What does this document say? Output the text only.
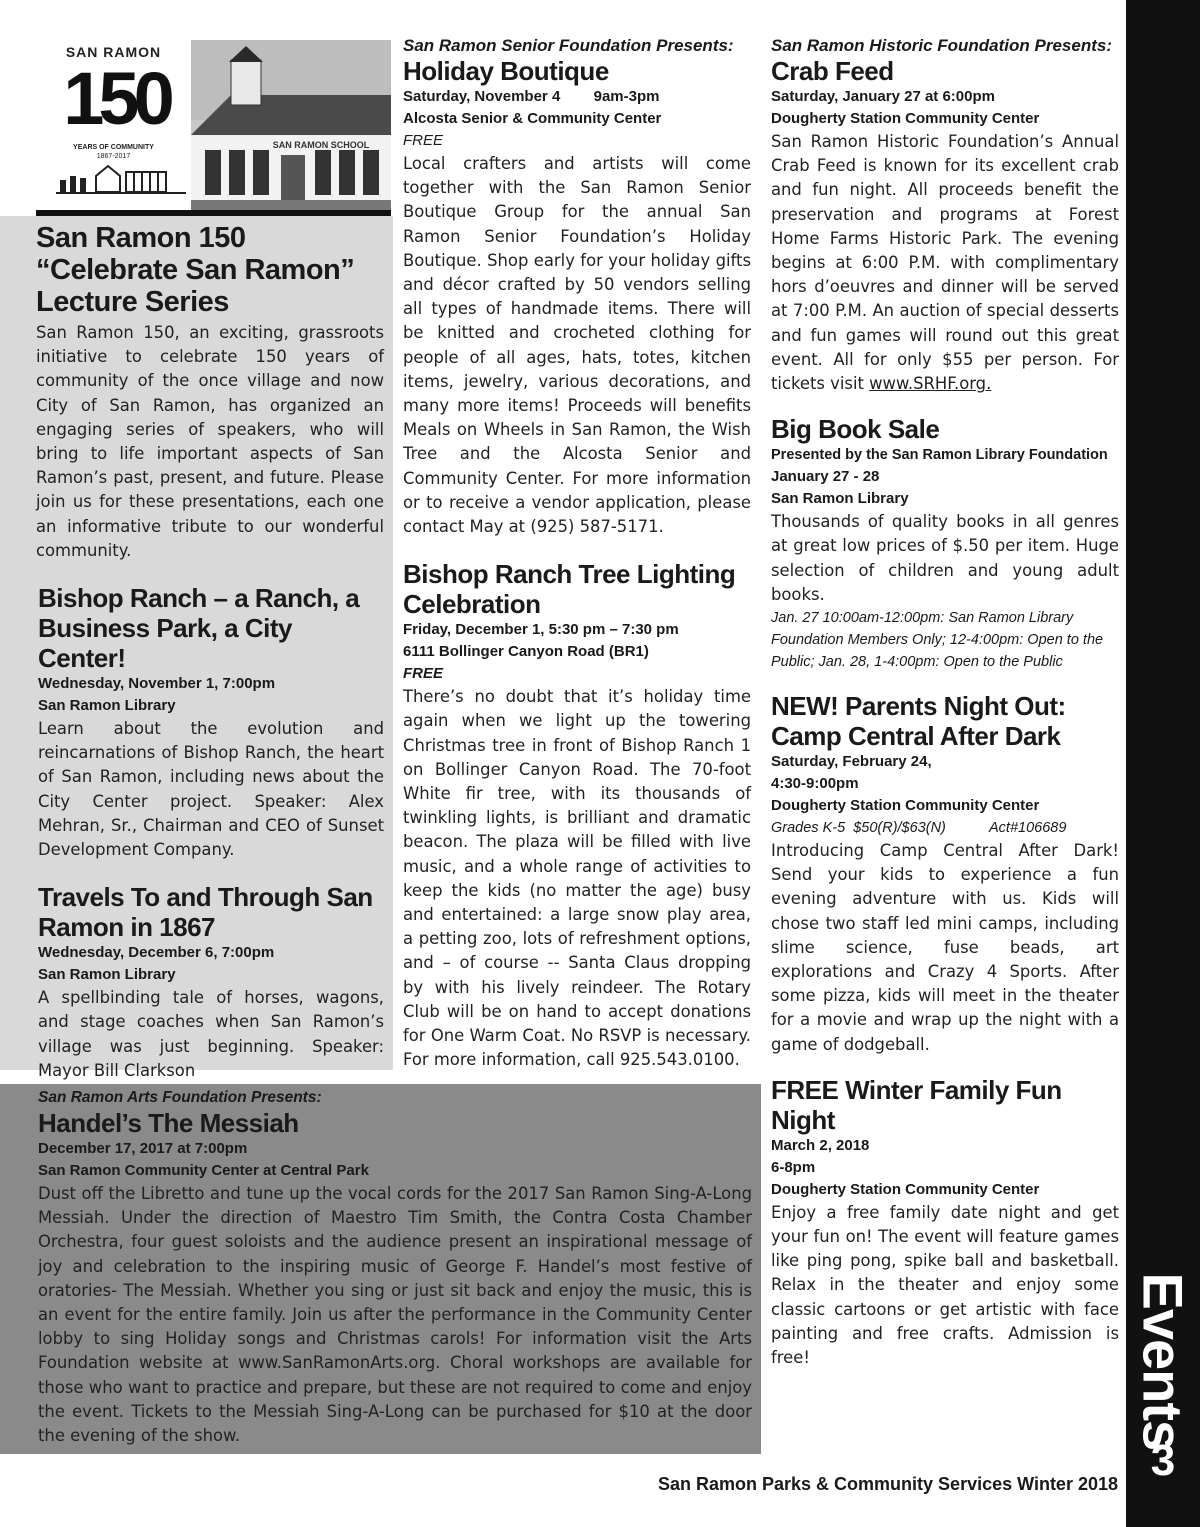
SAN RAMON
150
YEARS OF COMMUNITY
1867-2017
SAN RAMON SCHOOL
San Ramon 150 “Celebrate San Ramon” Lecture Series

San Ramon 150, an exciting, grassroots initiative to celebrate 150 years of community of the once village and now City of San Ramon, has organized an engaging series of speakers, who will bring to life important aspects of San Ramon’s past, present, and future. Please join us for these presentations, each one an informative tribute to our wonderful community.

Bishop Ranch – a Ranch, a Business Park, a City Center!
Wednesday, November 1, 7:00pm
San Ramon Library

Learn about the evolution and reincarnations of Bishop Ranch, the heart of San Ramon, including news about the City Center project. Speaker: Alex Mehran, Sr., Chairman and CEO of Sunset Development Company.

Travels To and Through San Ramon in 1867
Wednesday, December 6, 7:00pm
San Ramon Library

A spellbinding tale of horses, wagons, and stage coaches when San Ramon’s village was just beginning. Speaker: Mayor Bill Clarkson

San Ramon Senior Foundation Presents:
Holiday Boutique
Saturday, November 4        9am-3pm
Alcosta Senior & Community Center
FREE

Local crafters and artists will come together with the San Ramon Senior Boutique Group for the annual San Ramon Senior Foundation’s Holiday Boutique. Shop early for your holiday gifts and décor crafted by 50 vendors selling all types of handmade items. There will be knitted and crocheted clothing for people of all ages, hats, totes, kitchen items, jewelry, various decorations, and many more items! Proceeds will benefits Meals on Wheels in San Ramon, the Wish Tree and the Alcosta Senior and Community Center. For more information or to receive a vendor application, please contact May at (925) 587-5171.

Bishop Ranch Tree Lighting Celebration
Friday, December 1, 5:30 pm – 7:30 pm
6111 Bollinger Canyon Road (BR1)
FREE

There’s no doubt that it’s holiday time again when we light up the towering Christmas tree in front of Bishop Ranch 1 on Bollinger Canyon Road. The 70-foot White fir tree, with its thousands of twinkling lights, is brilliant and dramatic beacon. The plaza will be filled with live music, and a whole range of activities to keep the kids (no matter the age) busy and entertained: a large snow play area, a petting zoo, lots of refreshment options, and – of course -- Santa Claus dropping by with his lively reindeer. The Rotary Club will be on hand to accept donations for One Warm Coat. No RSVP is necessary. For more information, call 925.543.0100.

San Ramon Arts Foundation Presents:
Handel’s The Messiah
December 17, 2017 at 7:00pm
San Ramon Community Center at Central Park

Dust off the Libretto and tune up the vocal cords for the 2017 San Ramon Sing-A-Long Messiah. Under the direction of Maestro Tim Smith, the Contra Costa Chamber Orchestra, four guest soloists and the audience present an inspirational message of joy and celebration to the inspiring music of George F. Handel’s most festive of oratories- The Messiah. Whether you sing or just sit back and enjoy the music, this is an event for the entire family. Join us after the performance in the Community Center lobby to sing Holiday songs and Christmas carols! For information visit the Arts Foundation website at www.SanRamonArts.org. Choral workshops are available for those who want to practice and prepare, but these are not required to come and enjoy the event. Tickets to the Messiah Sing-A-Long can be purchased for $10 at the door the evening of the show.

San Ramon Historic Foundation Presents:
Crab Feed
Saturday, January 27 at 6:00pm
Dougherty Station Community Center

San Ramon Historic Foundation’s Annual Crab Feed is known for its excellent crab and fun night. All proceeds benefit the preservation and programs at Forest Home Farms Historic Park. The evening begins at 6:00 P.M. with complimentary hors d’oeuvres and dinner will be served at 7:00 P.M. An auction of special desserts and fun games will round out this great event. All for only $55 per person. For tickets visit www.SRHF.org.

Big Book Sale
Presented by the San Ramon Library Foundation
January 27 - 28
San Ramon Library

Thousands of quality books in all genres at great low prices of $.50 per item. Huge selection of children and young adult books.

Jan. 27 10:00am-12:00pm: San Ramon Library Foundation Members Only; 12-4:00pm: Open to the Public; Jan. 28, 1-4:00pm: Open to the Public
NEW! Parents Night Out: Camp Central After Dark
Saturday, February 24,
4:30-9:00pm
Dougherty Station Community Center
Grades K-5  $50(R)/$63(N)	Act#106689

Introducing Camp Central After Dark! Send your kids to experience a fun evening adventure with us. Kids will chose two staff led mini camps, including slime science, fuse beads, art explorations and Crazy 4 Sports. After some pizza, kids will meet in the theater for a movie and wrap up the night with a game of dodgeball.

FREE Winter Family Fun Night
March 2, 2018
6-8pm
Dougherty Station Community Center

Enjoy a free family date night and get your fun on! The event will feature games like ping pong, spike ball and basketball. Relax in the theater and enjoy some classic cartoons or get artistic with face painting and free crafts. Admission is free!	Events
3
San Ramon Parks & Community Services Winter 2018
